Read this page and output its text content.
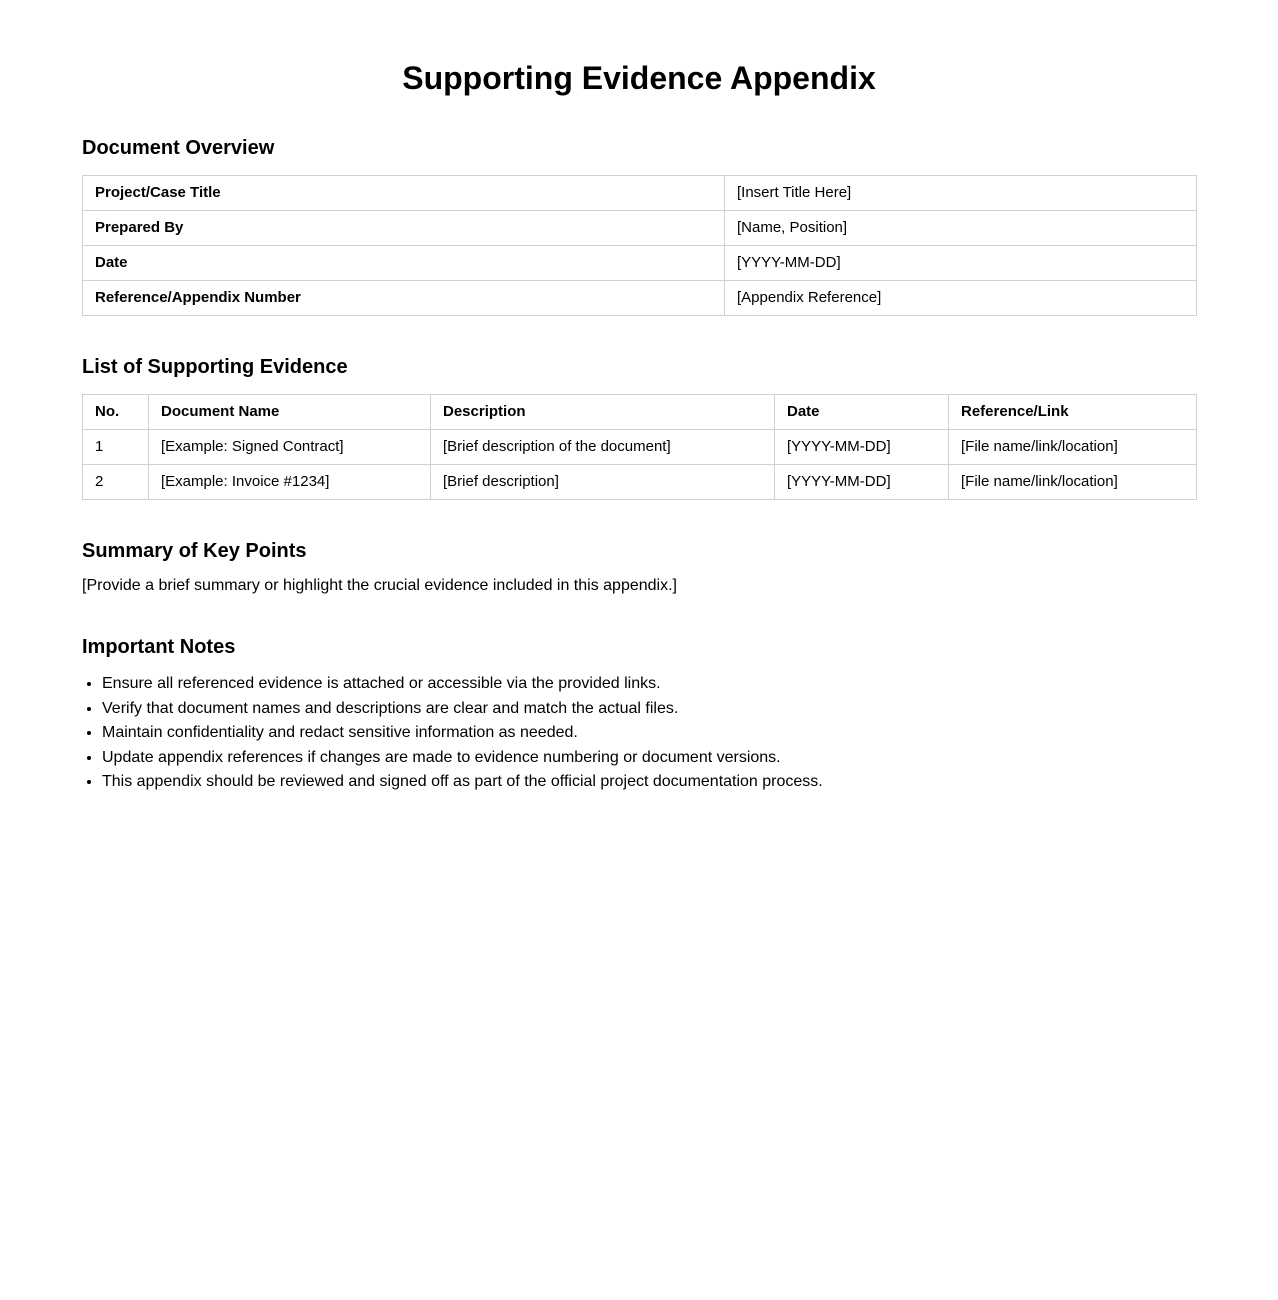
Supporting Evidence Appendix
Document Overview
Project/Case Title	[Insert Title Here]
Prepared By	[Name, Position]
Date	[YYYY-MM-DD]
Reference/Appendix Number	[Appendix Reference]
List of Supporting Evidence
No.	Document Name	Description	Date	Reference/Link
1	[Example: Signed Contract]	[Brief description of the document]	[YYYY-MM-DD]	[File name/link/location]
2	[Example: Invoice #1234]	[Brief description]	[YYYY-MM-DD]	[File name/link/location]
Summary of Key Points

[Provide a brief summary or highlight the crucial evidence included in this appendix.]

Important Notes
• Ensure all referenced evidence is attached or accessible via the provided links.
• Verify that document names and descriptions are clear and match the actual files.
• Maintain confidentiality and redact sensitive information as needed.
• Update appendix references if changes are made to evidence numbering or document versions.
• This appendix should be reviewed and signed off as part of the official project documentation process.
